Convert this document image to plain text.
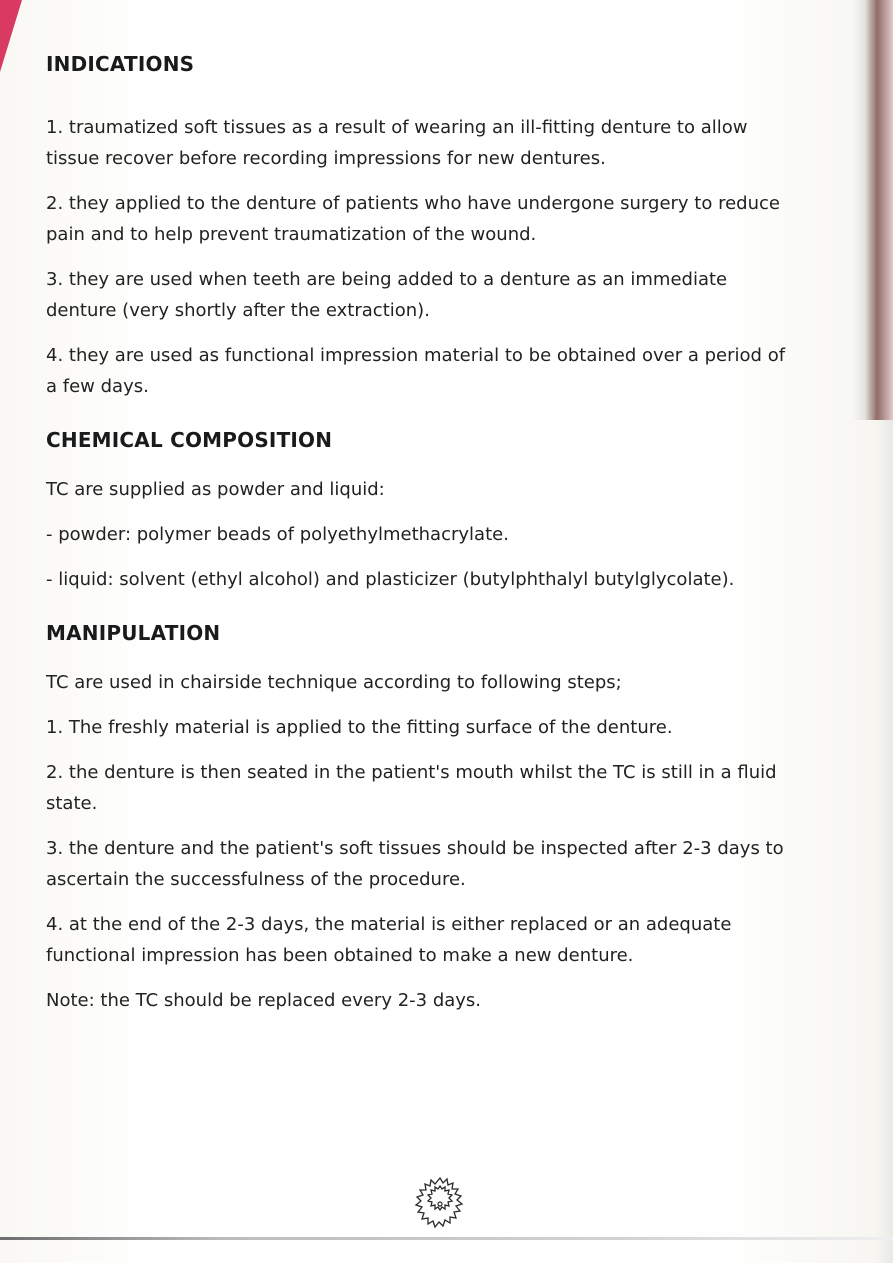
INDICATIONS

1. traumatized soft tissues as a result of wearing an ill-fitting denture to allow tissue recover before recording impressions for new dentures.

2. they applied to the denture of patients who have undergone surgery to reduce pain and to help prevent traumatization of the wound.

3. they are used when teeth are being added to a denture as an immediate denture (very shortly after the extraction).

4. they are used as functional impression material to be obtained over a period of a few days.

CHEMICAL COMPOSITION

TC are supplied as powder and liquid:

- powder: polymer beads of polyethylmethacrylate.

- liquid: solvent (ethyl alcohol) and plasticizer (butylphthalyl butylglycolate).

MANIPULATION

TC are used in chairside technique according to following steps;

1. The freshly material is applied to the fitting surface of the denture.

2. the denture is then seated in the patient's mouth whilst the TC is still in a fluid state.

3. the denture and the patient's soft tissues should be inspected after 2-3 days to ascertain the successfulness of the procedure.

4. at the end of the 2-3 days, the material is either replaced or an adequate functional impression has been obtained to make a new denture.

Note: the TC should be replaced every 2-3 days.
